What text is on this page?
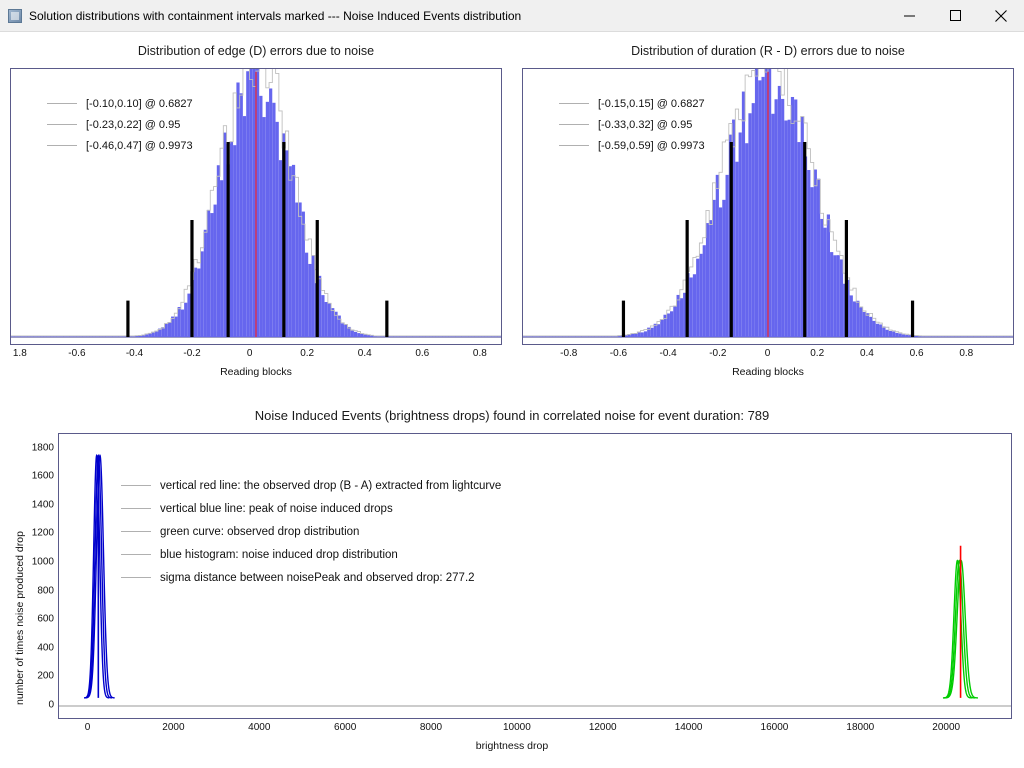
Solution distributions with containment intervals marked --- Noise Induced Events distribution
Distribution of edge (D) errors due to noise
[-0.10,0.10] @ 0.6827
[-0.23,0.22] @ 0.95
[-0.46,0.47] @ 0.9973
1.8	-0.6	-0.4	-0.2	0	0.2	0.4	0.6	0.8
Reading blocks
Distribution of duration (R - D) errors due to noise
[-0.15,0.15] @ 0.6827
[-0.33,0.32] @ 0.95
[-0.59,0.59] @ 0.9973
-0.8	-0.6	-0.4	-0.2	0	0.2	0.4	0.6	0.8
Reading blocks
Noise Induced Events (brightness drops) found in correlated noise for event duration: 789
number of times noise produced drop	0
200
400
600
800
1000
1200
1400
1600
1800
vertical red line: the observed drop (B - A) extracted from lightcurve
vertical blue line: peak of noise induced drops
green curve: observed drop distribution
blue histogram: noise induced drop distribution
sigma distance between noisePeak and observed drop: 277.2
0	2000	4000	6000	8000	10000	12000	14000	16000	18000	20000
brightness drop
